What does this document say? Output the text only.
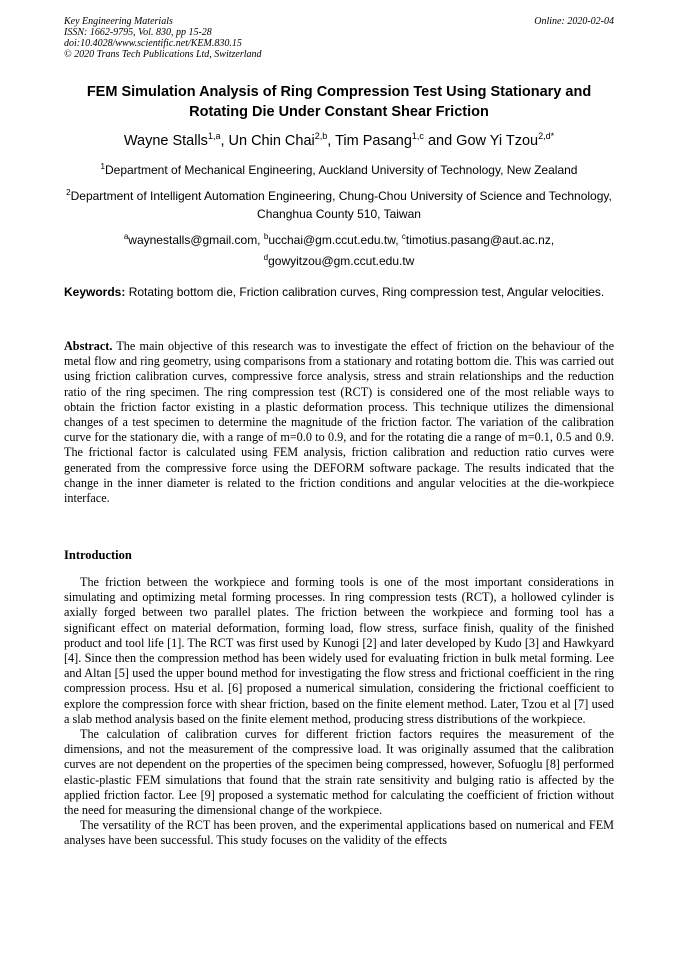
Key Engineering Materials
ISSN: 1662-9795, Vol. 830, pp 15-28
doi:10.4028/www.scientific.net/KEM.830.15
© 2020 Trans Tech Publications Ltd, Switzerland
Online: 2020-02-04
FEM Simulation Analysis of Ring Compression Test Using Stationary and Rotating Die Under Constant Shear Friction
Wayne Stalls$^{1,a}$, Un Chin Chai$^{2,b}$, Tim Pasang$^{1,c}$ and Gow Yi Tzou$^{2,d*}$
$^1$Department of Mechanical Engineering, Auckland University of Technology, New Zealand
$^2$Department of Intelligent Automation Engineering, Chung-Chou University of Science and Technology, Changhua County 510, Taiwan
$^a$waynestalls@gmail.com, $^b$ucchai@gm.ccut.edu.tw, $^c$timotius.pasang@aut.ac.nz,
$^d$gowyitzou@gm.ccut.edu.tw
Keywords: Rotating bottom die, Friction calibration curves, Ring compression test, Angular velocities.
Abstract. The main objective of this research was to investigate the effect of friction on the behaviour of the metal flow and ring geometry, using comparisons from a stationary and rotating bottom die. This was carried out using friction calibration curves, compressive force analysis, stress and strain relationships and the reduction ratio of the ring specimen. The ring compression test (RCT) is considered one of the most reliable ways to obtain the friction factor existing in a plastic deformation process. This technique utilizes the dimensional changes of a test specimen to determine the magnitude of the friction factor. The variation of the calibration curve for the stationary die, with a range of m=0.0 to 0.9, and for the rotating die a range of m=0.1, 0.5 and 0.9. The frictional factor is calculated using FEM analysis, friction calibration and reduction ratio curves were generated from the compressive force using the DEFORM software package. The results indicated that the change in the inner diameter is related to the friction conditions and angular velocities at the die-workpiece interface.
Introduction

The friction between the workpiece and forming tools is one of the most important considerations in simulating and optimizing metal forming processes. In ring compression tests (RCT), a hollowed cylinder is axially forged between two parallel plates. The friction between the workpiece and forming tool has a significant effect on material deformation, forming load, flow stress, surface finish, quality of the finished product and tool life [1]. The RCT was first used by Kunogi [2] and later developed by Kudo [3] and Hawkyard [4]. Since then the compression method has been widely used for evaluating friction in bulk metal forming. Lee and Altan [5] used the upper bound method for investigating the flow stress and frictional coefficient in the ring compression process. Hsu et al. [6] proposed a numerical simulation, considering the frictional coefficient to explore the compression force with shear friction, based on the finite element method. Later, Tzou et al [7] used a slab method analysis based on the finite element method, producing stress distributions of the workpiece.

The calculation of calibration curves for different friction factors requires the measurement of the dimensions, and not the measurement of the compressive load. It was originally assumed that the calibration curves are not dependent on the properties of the specimen being compressed, however, Sofuoglu [8] performed elastic-plastic FEM simulations that found that the strain rate sensitivity and bulging ratio is affected by the applied friction factor. Lee [9] proposed a systematic method for calculating the coefficient of friction without the need for measuring the dimensional change of the workpiece.

The versatility of the RCT has been proven, and the experimental applications based on numerical and FEM analyses have been successful. This study focuses on the validity of the effects
